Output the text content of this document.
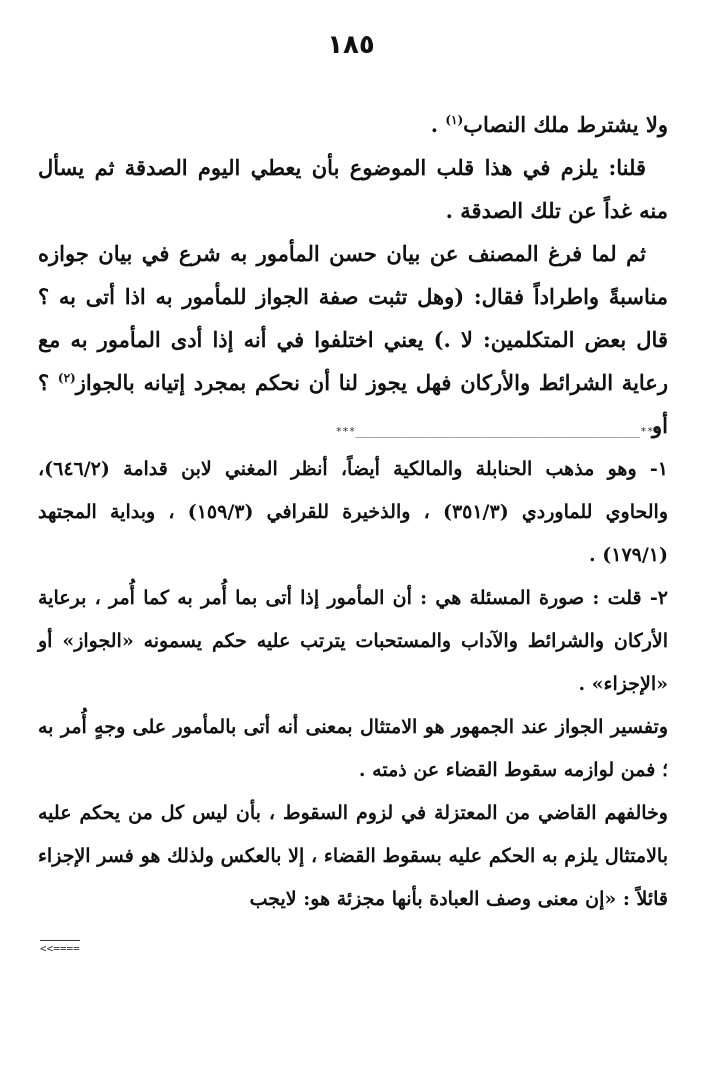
١٨٥

ولا يشترط ملك النصاب$^{(١)}$ .

قلنا: يلزم في هذا قلب الموضوع بأن يعطي اليوم الصدقة ثم يسأل منه غداً عن تلك الصدقة .

ثم لما فرغ المصنف عن بيان حسن المأمور به شرع في بيان جوازه مناسبةً واطراداً فقال: (وهل تثبت صفة الجواز للمأمور به اذا أتى به ؟ قال بعض المتكلمين: لا .) يعني اختلفوا في أنه إذا أدى المأمور به مع رعاية الشرائط والأركان فهل يجوز لنا أن نحكم بمجرد إتيانه بالجواز$^{(٢)}$ ؟ أو

***___________________________________________***

١- وهو مذهب الحنابلة والمالكية أيضاً، أنظر المغني لابن قدامة (٦٤٦/٢)، والحاوي للماوردي (٣٥١/٣) ، والذخيرة للقرافي (١٥٩/٣) ، وبداية المجتهد (١٧٩/١) .

٢- قلت : صورة المسئلة هي : أن المأمور إذا أتى بما أُمر به كما أُمر ، برعاية الأركان والشرائط والآداب والمستحبات يترتب عليه حكم يسمونه «الجواز» أو «الإجزاء» .

وتفسير الجواز عند الجمهور هو الامتثال بمعنى أنه أتى بالمأمور على وجهٍ أُمر به ؛ فمن لوازمه سقوط القضاء عن ذمته .

وخالفهم القاضي من المعتزلة في لزوم السقوط ، بأن ليس كل من يحكم عليه بالامتثال يلزم به الحكم عليه بسقوط القضاء ، إلا بالعكس ولذلك هو فسر الإجزاء قائلاً : «إن معنى وصف العبادة بأنها مجزئة هو: لايجب

<<====
